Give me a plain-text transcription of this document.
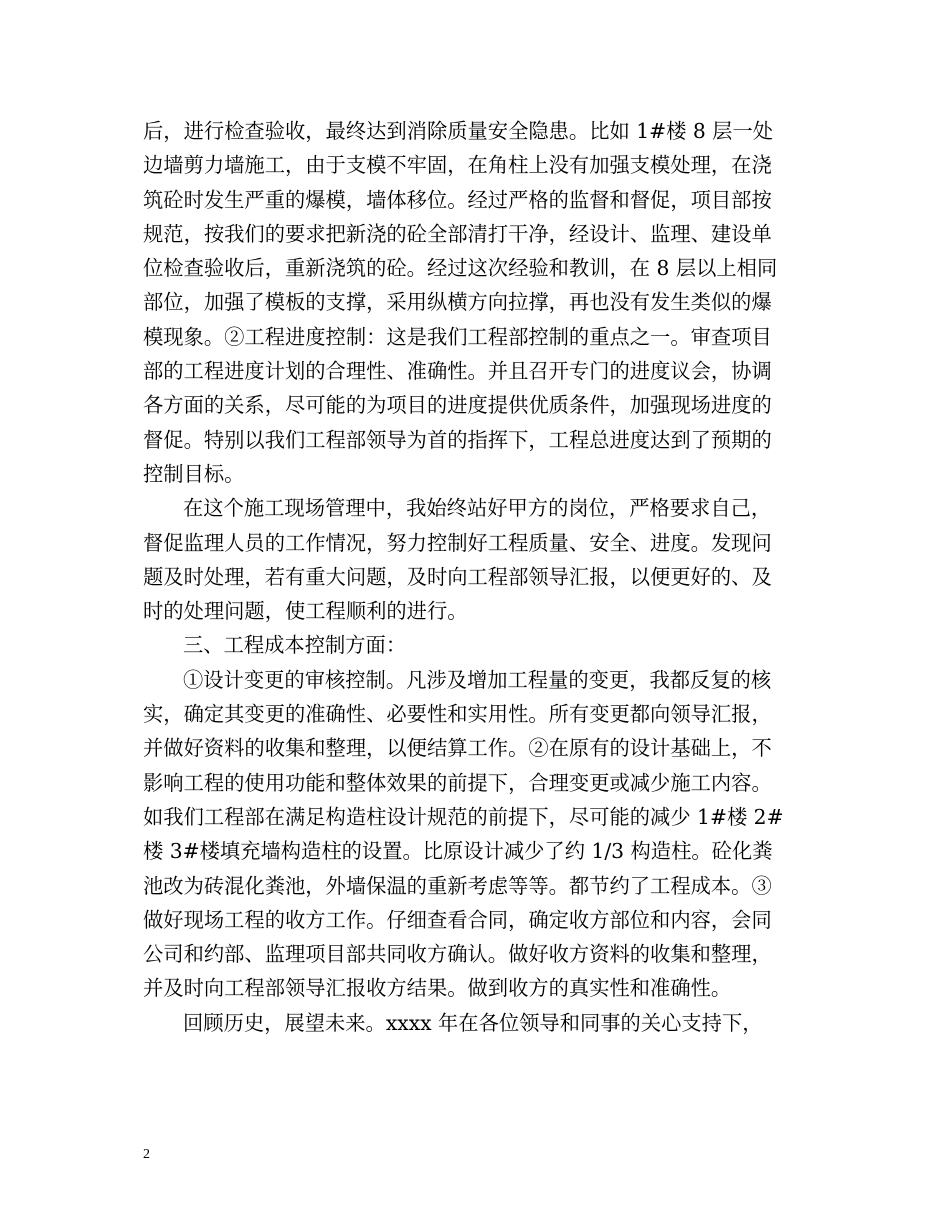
后，进行检查验收，最终达到消除质量安全隐患。比如 1#楼 8 层一处
边墙剪力墙施工，由于支模不牢固，在角柱上没有加强支模处理，在浇
筑砼时发生严重的爆模，墙体移位。经过严格的监督和督促，项目部按
规范，按我们的要求把新浇的砼全部清打干净，经设计、监理、建设单
位检查验收后，重新浇筑的砼。经过这次经验和教训，在 8 层以上相同
部位，加强了模板的支撑，采用纵横方向拉撑，再也没有发生类似的爆
模现象。②工程进度控制：这是我们工程部控制的重点之一。审查项目
部的工程进度计划的合理性、准确性。并且召开专门的进度议会，协调
各方面的关系，尽可能的为项目的进度提供优质条件，加强现场进度的
督促。特别以我们工程部领导为首的指挥下，工程总进度达到了预期的
控制目标。
在这个施工现场管理中，我始终站好甲方的岗位，严格要求自己，
督促监理人员的工作情况，努力控制好工程质量、安全、进度。发现问
题及时处理，若有重大问题，及时向工程部领导汇报，以便更好的、及
时的处理问题，使工程顺利的进行。
三、工程成本控制方面：
①设计变更的审核控制。凡涉及增加工程量的变更，我都反复的核
实，确定其变更的准确性、必要性和实用性。所有变更都向领导汇报，
并做好资料的收集和整理，以便结算工作。②在原有的设计基础上，不
影响工程的使用功能和整体效果的前提下，合理变更或减少施工内容。
如我们工程部在满足构造柱设计规范的前提下，尽可能的减少 1#楼 2#
楼 3#楼填充墙构造柱的设置。比原设计减少了约 1/3 构造柱。砼化粪
池改为砖混化粪池，外墙保温的重新考虑等等。都节约了工程成本。③
做好现场工程的收方工作。仔细查看合同，确定收方部位和内容，会同
公司和约部、监理项目部共同收方确认。做好收方资料的收集和整理，
并及时向工程部领导汇报收方结果。做到收方的真实性和准确性。
回顾历史，展望未来。xxxx 年在各位领导和同事的关心支持下，
2
